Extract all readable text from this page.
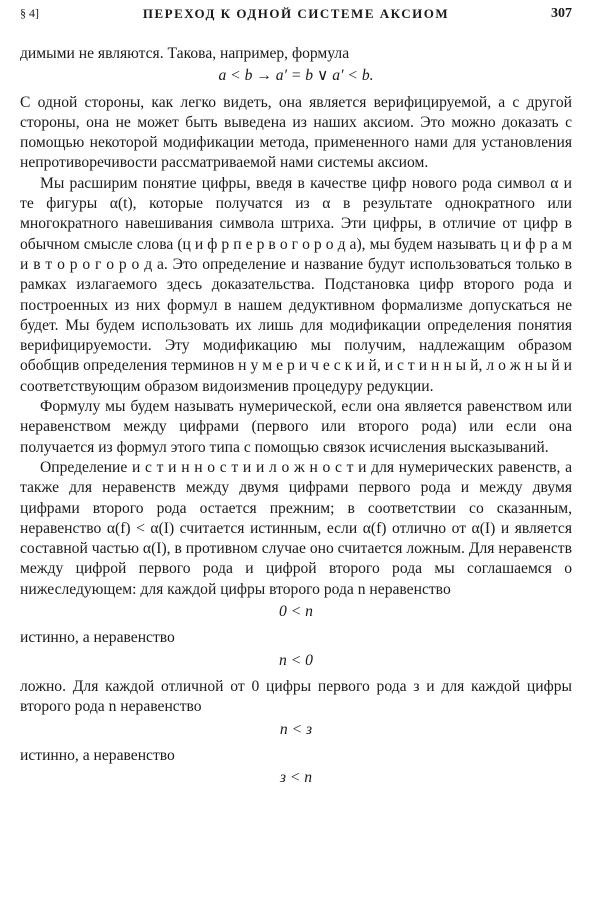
§ 4]	ПЕРЕХОД К ОДНОЙ СИСТЕМЕ АКСИОМ	307

димыми не являются. Такова, например, формула

a < b → a′ = b ∨ a′ < b.

С одной стороны, как легко видеть, она является верифицируемой, а с другой стороны, она не может быть выведена из наших аксиом. Это можно доказать с помощью некоторой модификации метода, примененного нами для установления непротиворечивости рассматриваемой нами системы аксиом.

Мы расширим понятие цифры, введя в качестве цифр нового рода символ α и те фигуры α(t), которые получатся из α в результате однократного или многократного навешивания символа штриха. Эти цифры, в отличие от цифр в обычном смысле слова (ц и ф р п е р в о г о р о д а), мы будем называть ц и ф р а м и в т о р о г о р о д а. Это определение и название будут использоваться только в рамках излагаемого здесь доказательства. Подстановка цифр второго рода и построенных из них формул в нашем дедуктивном формализме допускаться не будет. Мы будем использовать их лишь для модификации определения понятия верифицируемости. Эту модификацию мы получим, надлежащим образом обобщив определения терминов н у м е р и ч е с к и й, и с т и н н ы й, л о ж н ы й и соответствующим образом видоизменив процедуру редукции.

Формулу мы будем называть нумерической, если она является равенством или неравенством между цифрами (первого или второго рода) или если она получается из формул этого типа с помощью связок исчисления высказываний.

Определение и с т и н н о с т и и л о ж н о с т и для нумерических равенств, а также для неравенств между двумя цифрами первого рода и между двумя цифрами второго рода остается прежним; в соответствии со сказанным, неравенство α(f) < α(I) считается истинным, если α(f) отлично от α(I) и является составной частью α(I), в противном случае оно считается ложным. Для неравенств между цифрой первого рода и цифрой второго рода мы соглашаемся о нижеследующем: для каждой цифры второго рода n неравенство

0 < n

истинно, а неравенство

n < 0

ложно. Для каждой отличной от 0 цифры первого рода з и для каждой цифры второго рода n неравенство

n < з

истинно, а неравенство

з < n
